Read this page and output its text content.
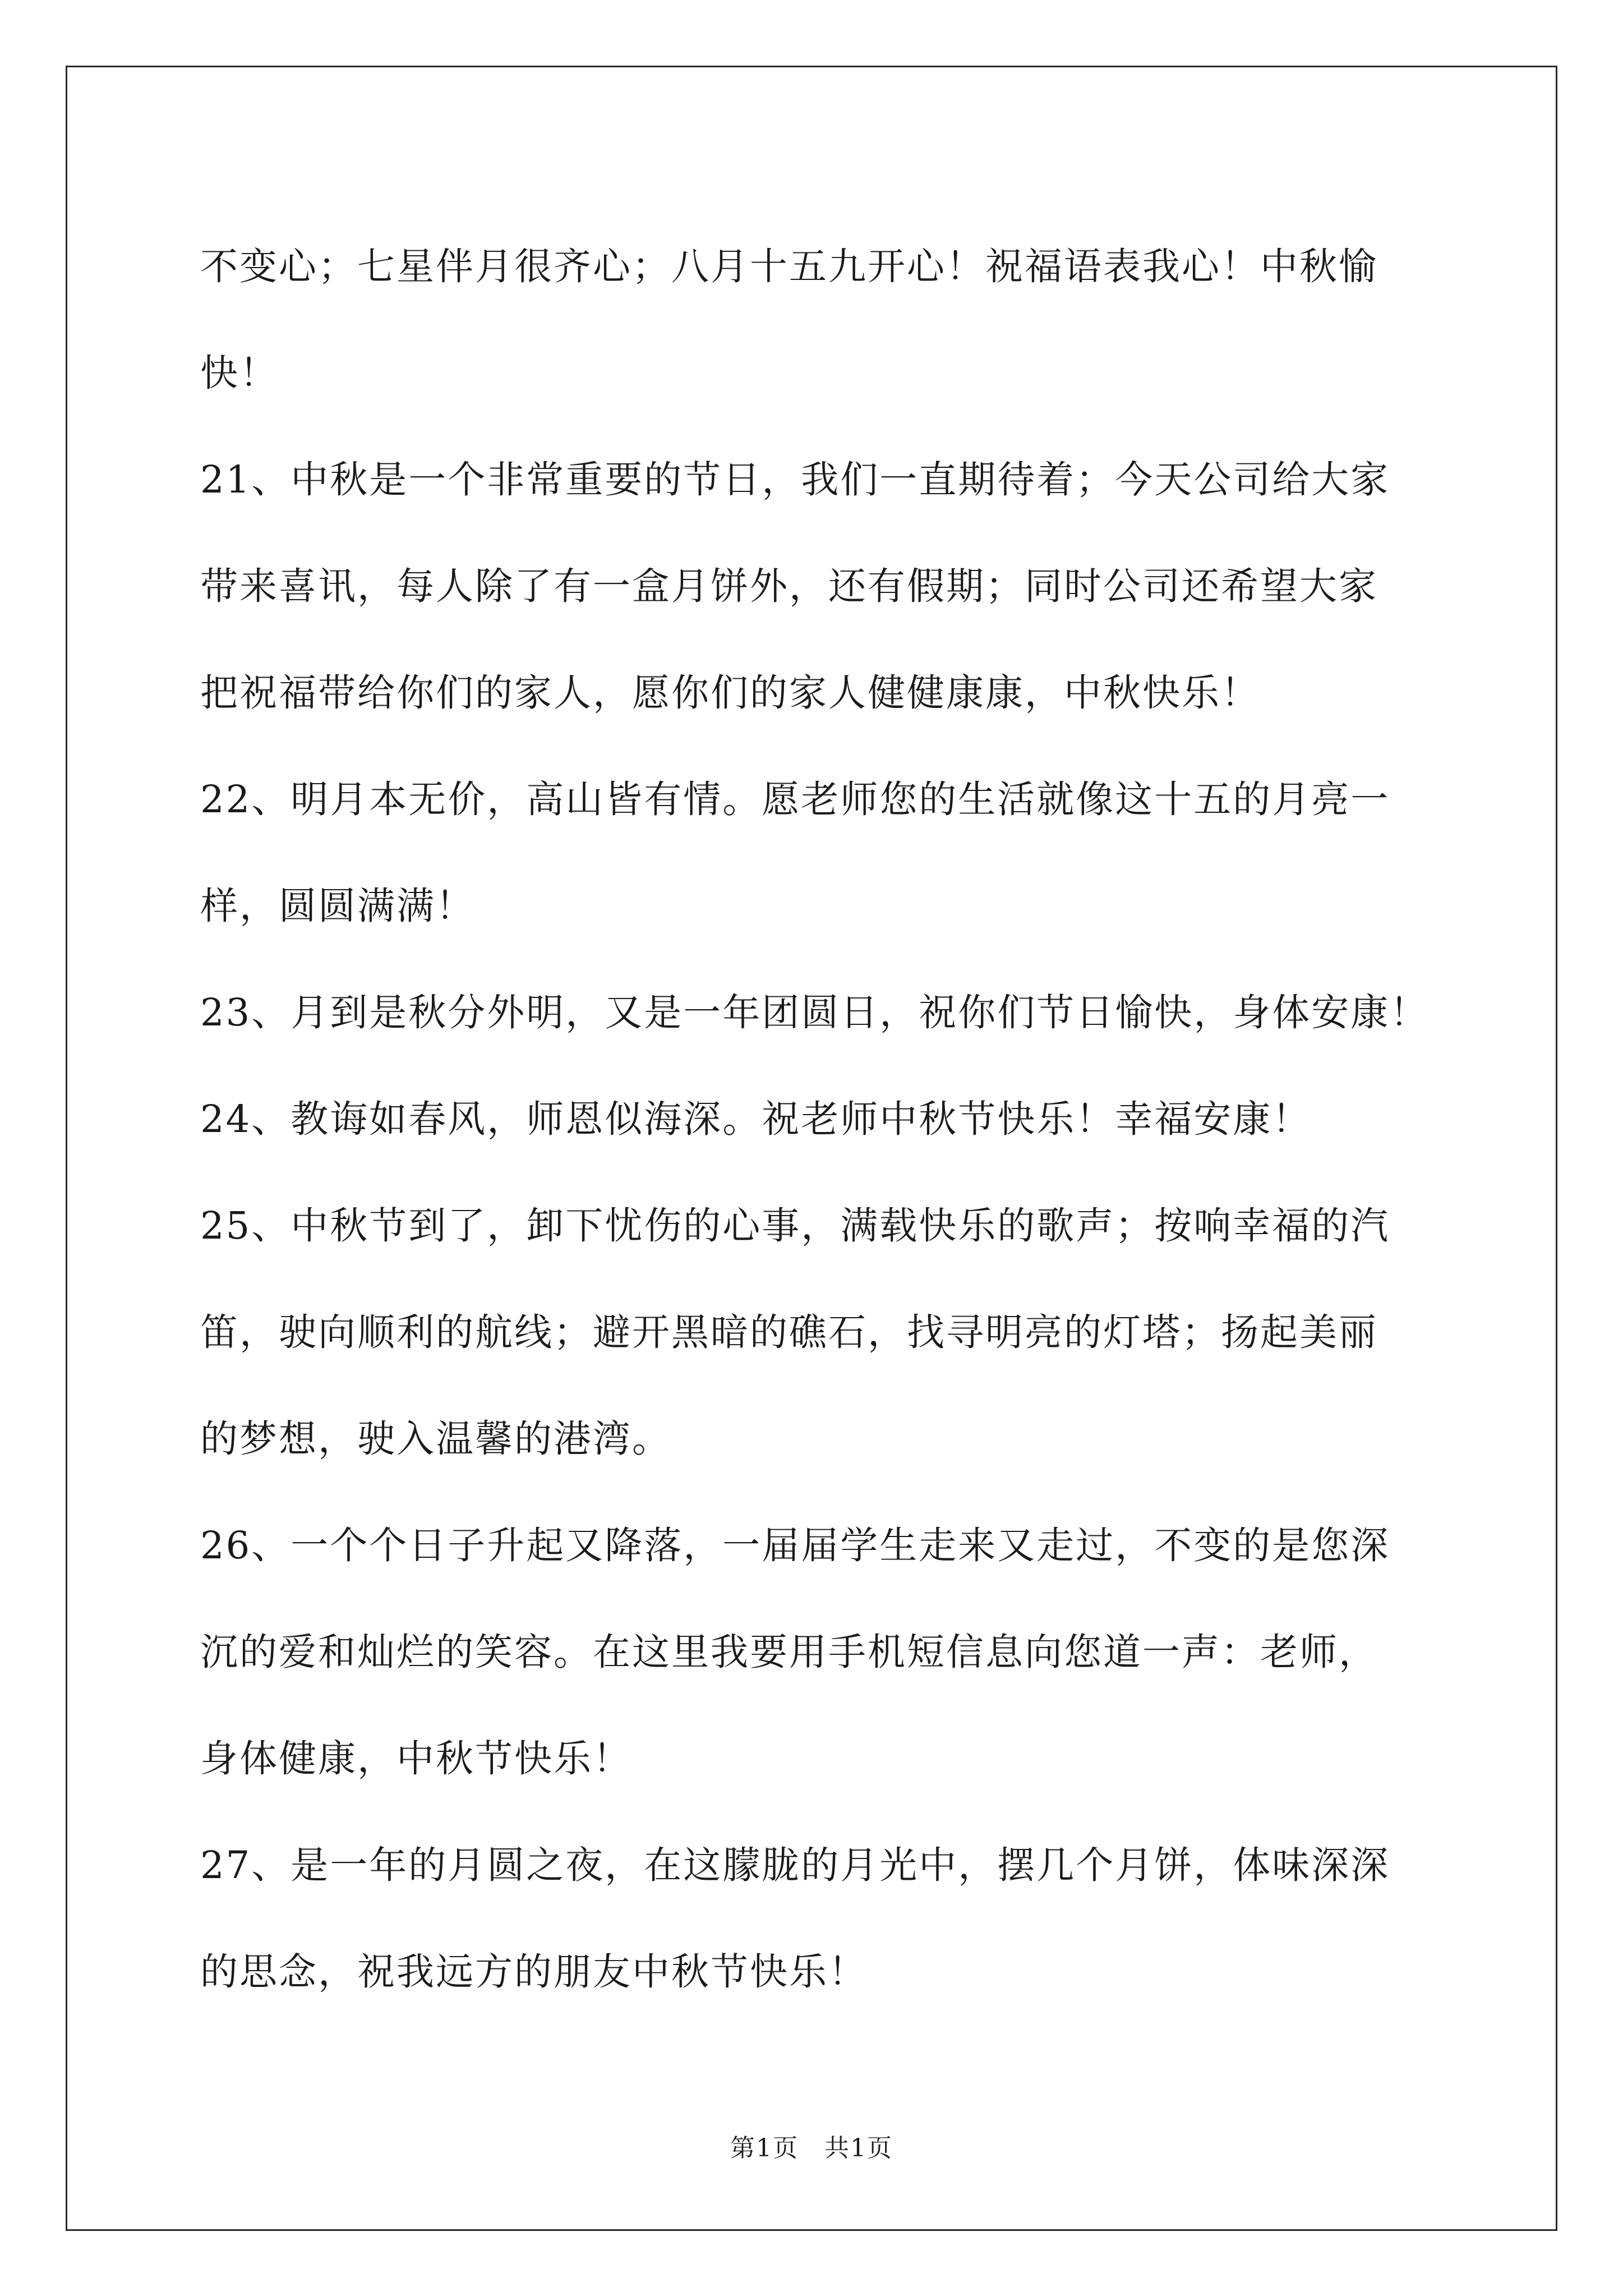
不变心；七星伴月很齐心；八月十五九开心！祝福语表我心！中秋愉
快！
21、中秋是一个非常重要的节日，我们一直期待着；今天公司给大家
带来喜讯，每人除了有一盒月饼外，还有假期；同时公司还希望大家
把祝福带给你们的家人，愿你们的家人健健康康，中秋快乐！
22、明月本无价，高山皆有情。愿老师您的生活就像这十五的月亮一
样，圆圆满满！
23、月到是秋分外明，又是一年团圆日，祝你们节日愉快，身体安康！
24、教诲如春风，师恩似海深。祝老师中秋节快乐！幸福安康！
25、中秋节到了，卸下忧伤的心事，满载快乐的歌声；按响幸福的汽
笛，驶向顺利的航线；避开黑暗的礁石，找寻明亮的灯塔；扬起美丽
的梦想，驶入温馨的港湾。
26、一个个日子升起又降落，一届届学生走来又走过，不变的是您深
沉的爱和灿烂的笑容。在这里我要用手机短信息向您道一声：老师，
身体健康，中秋节快乐！
27、是一年的月圆之夜，在这朦胧的月光中，摆几个月饼，体味深深
的思念，祝我远方的朋友中秋节快乐！
第1页　共1页
